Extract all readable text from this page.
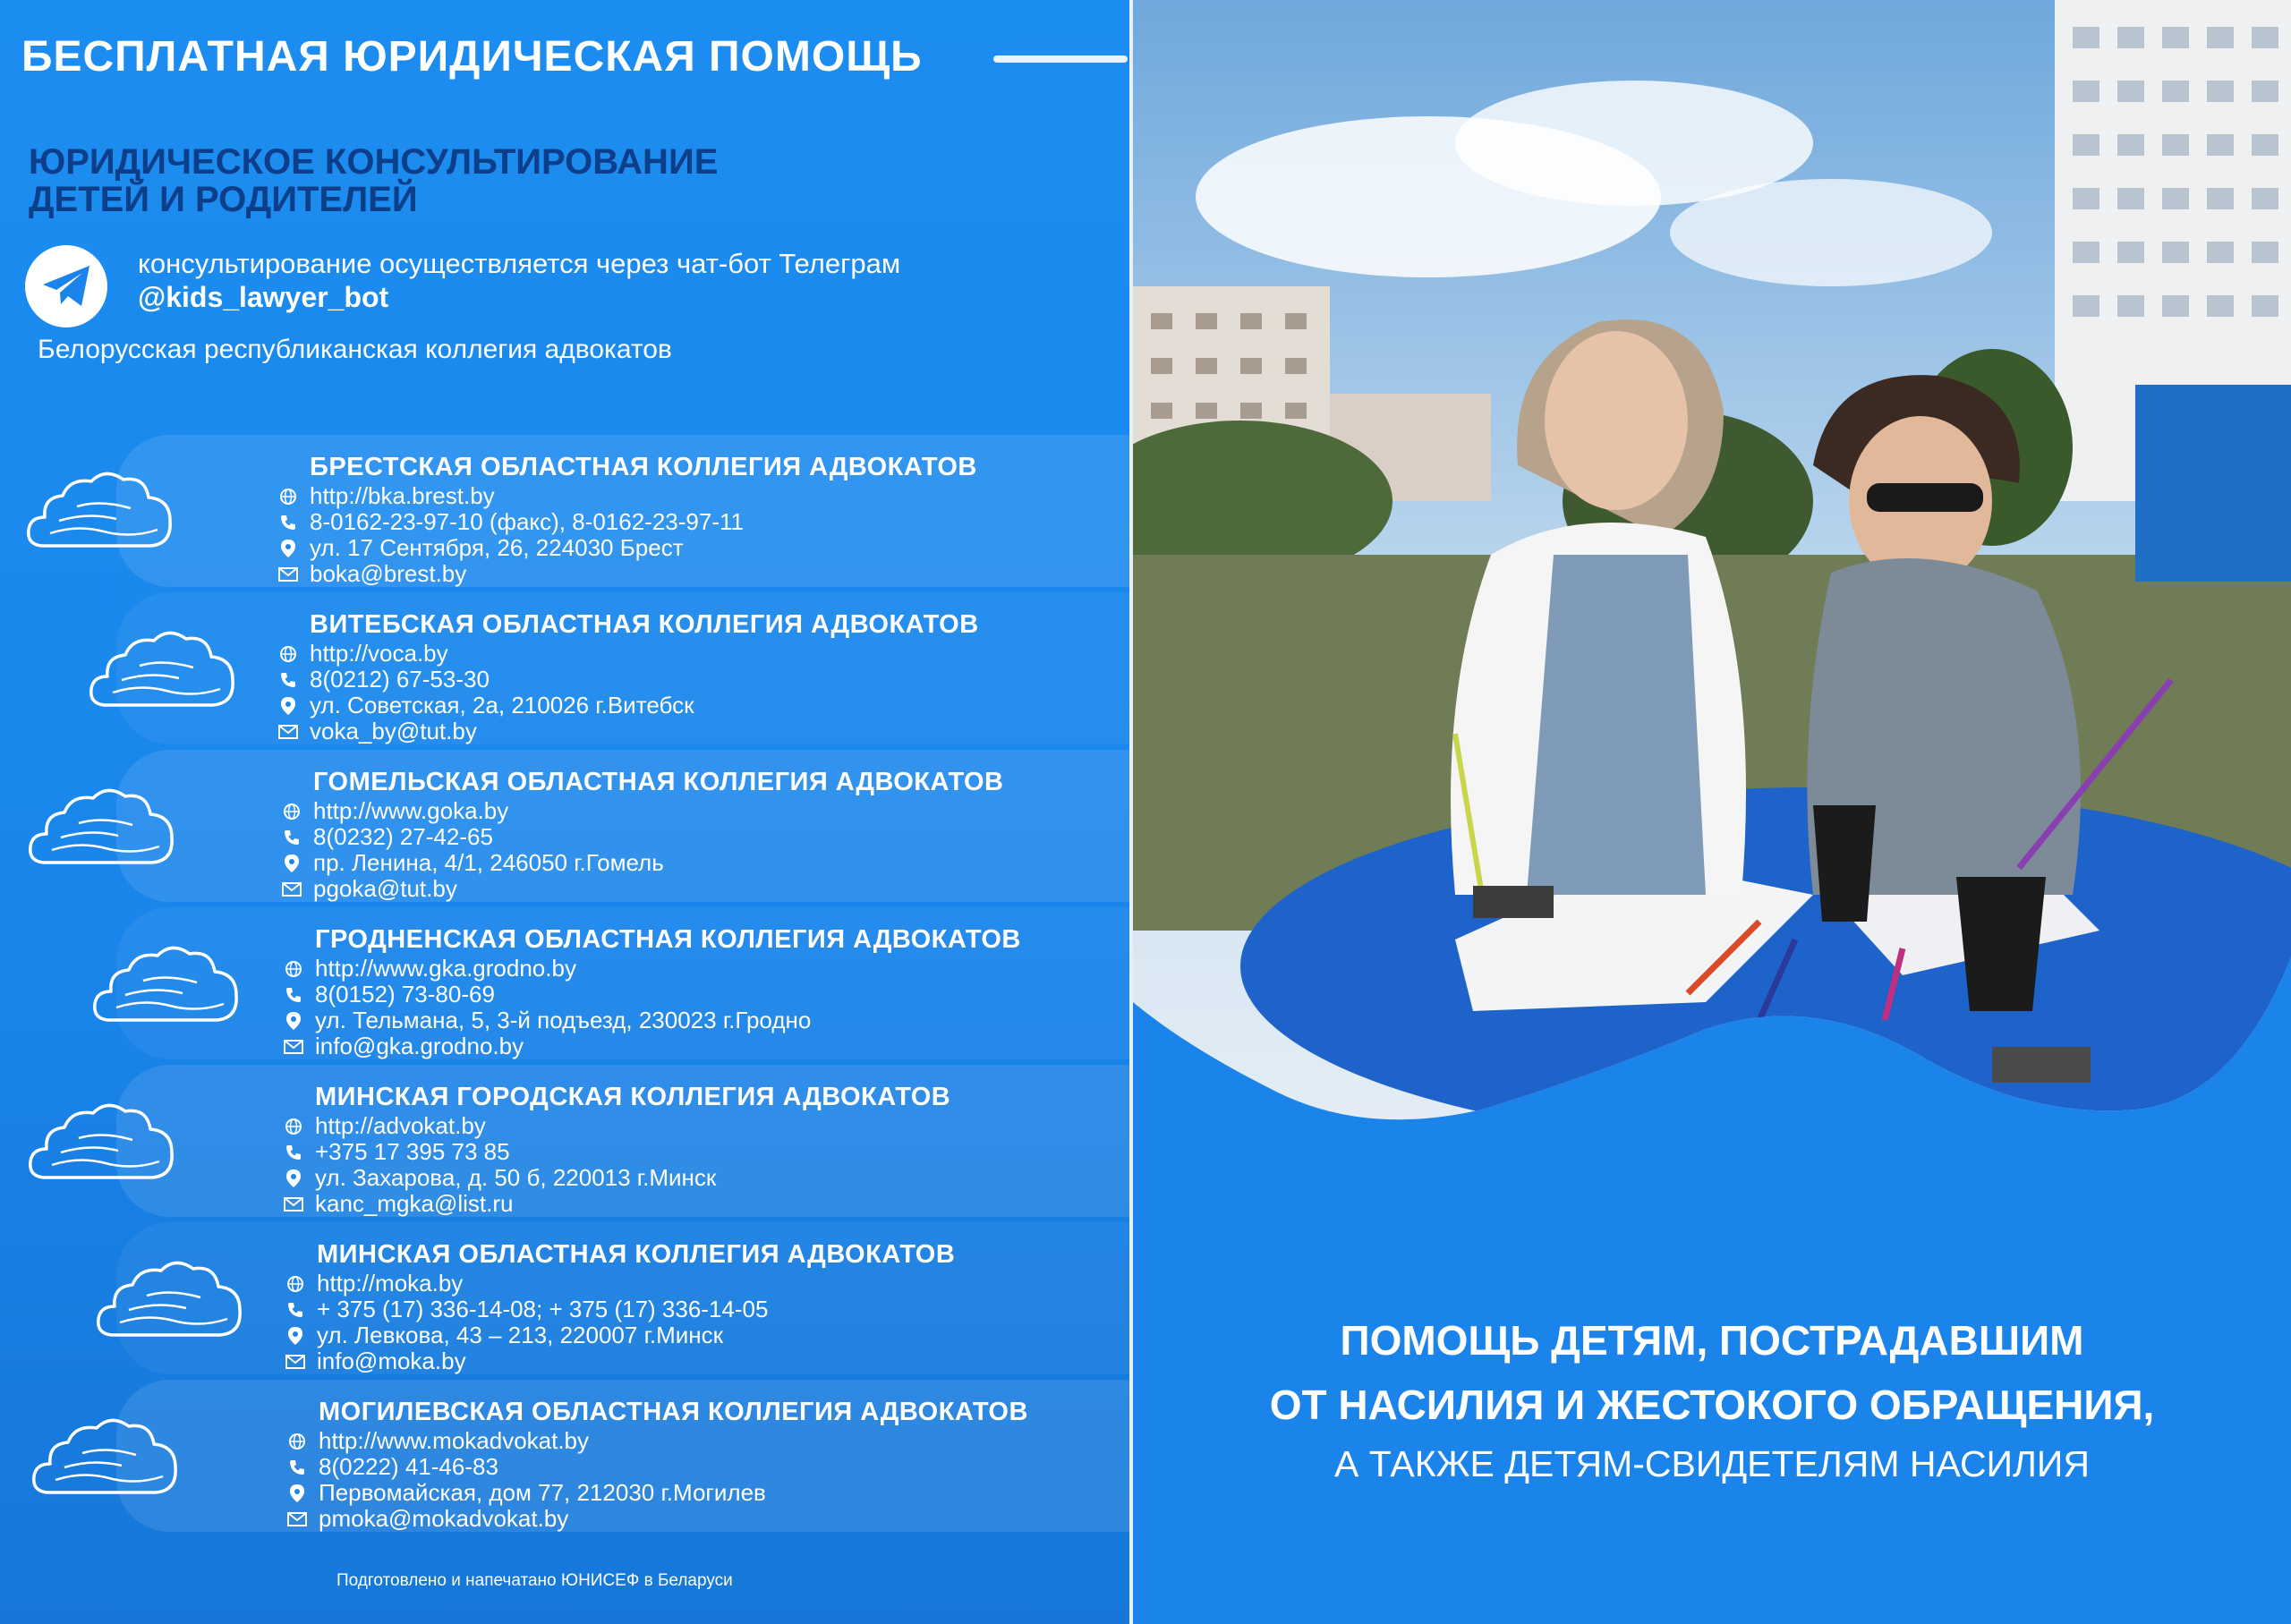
БЕСПЛАТНАЯ ЮРИДИЧЕСКАЯ ПОМОЩЬ
ЮРИДИЧЕСКОЕ КОНСУЛЬТИРОВАНИЕ
ДЕТЕЙ И РОДИТЕЛЕЙ
консультирование осуществляется через чат-бот Телеграм
@kids_lawyer_bot
Белорусская республиканская коллегия адвокатов
БРЕСТСКАЯ ОБЛАСТНАЯ КОЛЛЕГИЯ АДВОКАТОВ
http://bka.brest.by
8-0162-23-97-10 (факс), 8-0162-23-97-11
ул. 17 Сентября, 26, 224030 Брест
boka@brest.by
ВИТЕБСКАЯ ОБЛАСТНАЯ КОЛЛЕГИЯ АДВОКАТОВ
http://voca.by
8(0212) 67-53-30
ул. Советская, 2а, 210026 г.Витебск
voka_by@tut.by
ГОМЕЛЬСКАЯ ОБЛАСТНАЯ КОЛЛЕГИЯ АДВОКАТОВ
http://www.goka.by
8(0232) 27-42-65
пр. Ленина, 4/1, 246050 г.Гомель
pgoka@tut.by
ГРОДНЕНСКАЯ ОБЛАСТНАЯ КОЛЛЕГИЯ АДВОКАТОВ
http://www.gka.grodno.by
8(0152) 73-80-69
ул. Тельмана, 5, 3-й подъезд, 230023 г.Гродно
info@gka.grodno.by
МИНСКАЯ ГОРОДСКАЯ КОЛЛЕГИЯ АДВОКАТОВ
http://advokat.by
+375 17 395 73 85
ул. Захарова, д. 50 б, 220013 г.Минск
kanc_mgka@list.ru
МИНСКАЯ ОБЛАСТНАЯ КОЛЛЕГИЯ АДВОКАТОВ
http://moka.by
+ 375 (17) 336-14-08; + 375 (17) 336-14-05
ул. Левкова, 43 – 213, 220007 г.Минск
info@moka.by
МОГИЛЕВСКАЯ ОБЛАСТНАЯ КОЛЛЕГИЯ АДВОКАТОВ
http://www.mokadvokat.by
8(0222) 41-46-83
Первомайская, дом 77, 212030 г.Могилев
pmoka@mokadvokat.by
Подготовлено и напечатано ЮНИСЕФ в Беларуси
ПОМОЩЬ ДЕТЯМ, ПОСТРАДАВШИМ
ОТ НАСИЛИЯ И ЖЕСТОКОГО ОБРАЩЕНИЯ,
А ТАКЖЕ ДЕТЯМ-СВИДЕТЕЛЯМ НАСИЛИЯ
